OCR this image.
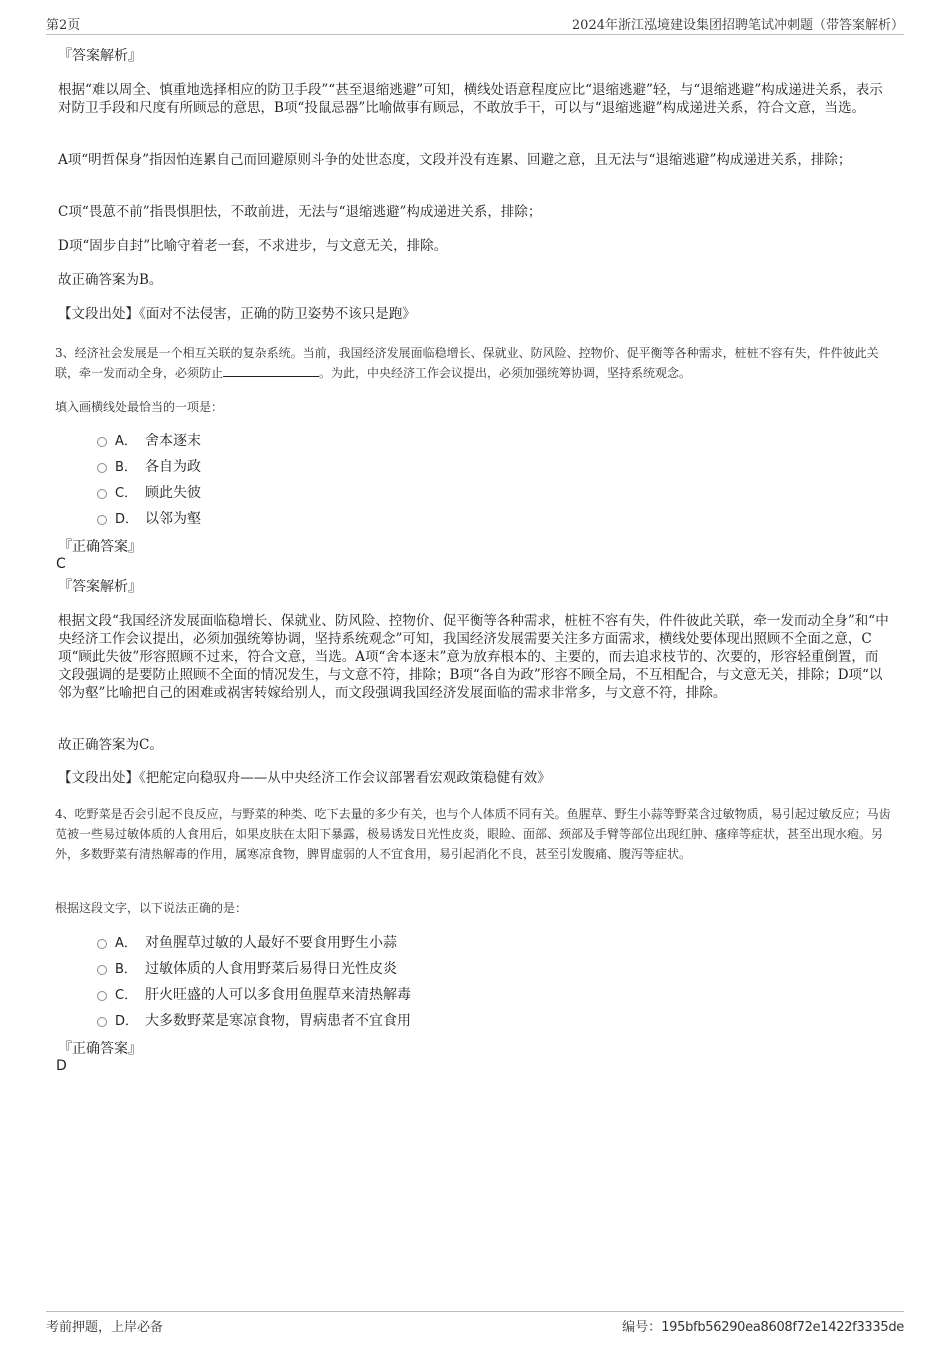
第2页	2024年浙江泓境建设集团招聘笔试冲刺题（带答案解析）
『答案解析』

根据“难以周全、慎重地选择相应的防卫手段”“甚至退缩逃避”可知，横线处语意程度应比“退缩逃避”轻，与“退缩逃避”构成递进关系，表示对防卫手段和尺度有所顾忌的意思，B项“投鼠忌器”比喻做事有顾忌，不敢放手干，可以与“退缩逃避”构成递进关系，符合文意，当选。

A项“明哲保身”指因怕连累自己而回避原则斗争的处世态度，文段并没有连累、回避之意，且无法与“退缩逃避”构成递进关系，排除；

C项“畏葸不前”指畏惧胆怯，不敢前进，无法与“退缩逃避”构成递进关系，排除；

D项“固步自封”比喻守着老一套，不求进步，与文意无关，排除。

故正确答案为B。

【文段出处】《面对不法侵害，正确的防卫姿势不该只是跑》

3、经济社会发展是一个相互关联的复杂系统。当前，我国经济发展面临稳增长、保就业、防风险、控物价、促平衡等各种需求，桩桩不容有失，件件彼此关联，牵一发而动全身，必须防止	。为此，中央经济工作会议提出，必须加强统筹协调，坚持系统观念。

填入画横线处最恰当的一项是：

A． 舍本逐末
B． 各自为政
C． 顾此失彼
D． 以邻为壑
『正确答案』
C
『答案解析』

根据文段“我国经济发展面临稳增长、保就业、防风险、控物价、促平衡等各种需求，桩桩不容有失，件件彼此关联，牵一发而动全身”和“中央经济工作会议提出，必须加强统筹协调，坚持系统观念”可知，我国经济发展需要关注多方面需求，横线处要体现出照顾不全面之意，C项“顾此失彼”形容照顾不过来，符合文意，当选。A项“舍本逐末”意为放弃根本的、主要的，而去追求枝节的、次要的，形容轻重倒置，而文段强调的是要防止照顾不全面的情况发生，与文意不符，排除；B项“各自为政”形容不顾全局，不互相配合，与文意无关，排除；D项“以邻为壑”比喻把自己的困难或祸害转嫁给别人，而文段强调我国经济发展面临的需求非常多，与文意不符，排除。

故正确答案为C。

【文段出处】《把舵定向稳驭舟——从中央经济工作会议部署看宏观政策稳健有效》

4、吃野菜是否会引起不良反应，与野菜的种类、吃下去量的多少有关，也与个人体质不同有关。鱼腥草、野生小蒜等野菜含过敏物质，易引起过敏反应；马齿苋被一些易过敏体质的人食用后，如果皮肤在太阳下暴露，极易诱发日光性皮炎，眼睑、面部、颈部及手臂等部位出现红肿、瘙痒等症状，甚至出现水疱。另外，多数野菜有清热解毒的作用，属寒凉食物，脾胃虚弱的人不宜食用，易引起消化不良，甚至引发腹痛、腹泻等症状。

根据这段文字，以下说法正确的是：

A． 对鱼腥草过敏的人最好不要食用野生小蒜
B． 过敏体质的人食用野菜后易得日光性皮炎
C． 肝火旺盛的人可以多食用鱼腥草来清热解毒
D． 大多数野菜是寒凉食物，胃病患者不宜食用
『正确答案』
D
考前押题，上岸必备	编号：195bfb56290ea8608f72e1422f3335de
